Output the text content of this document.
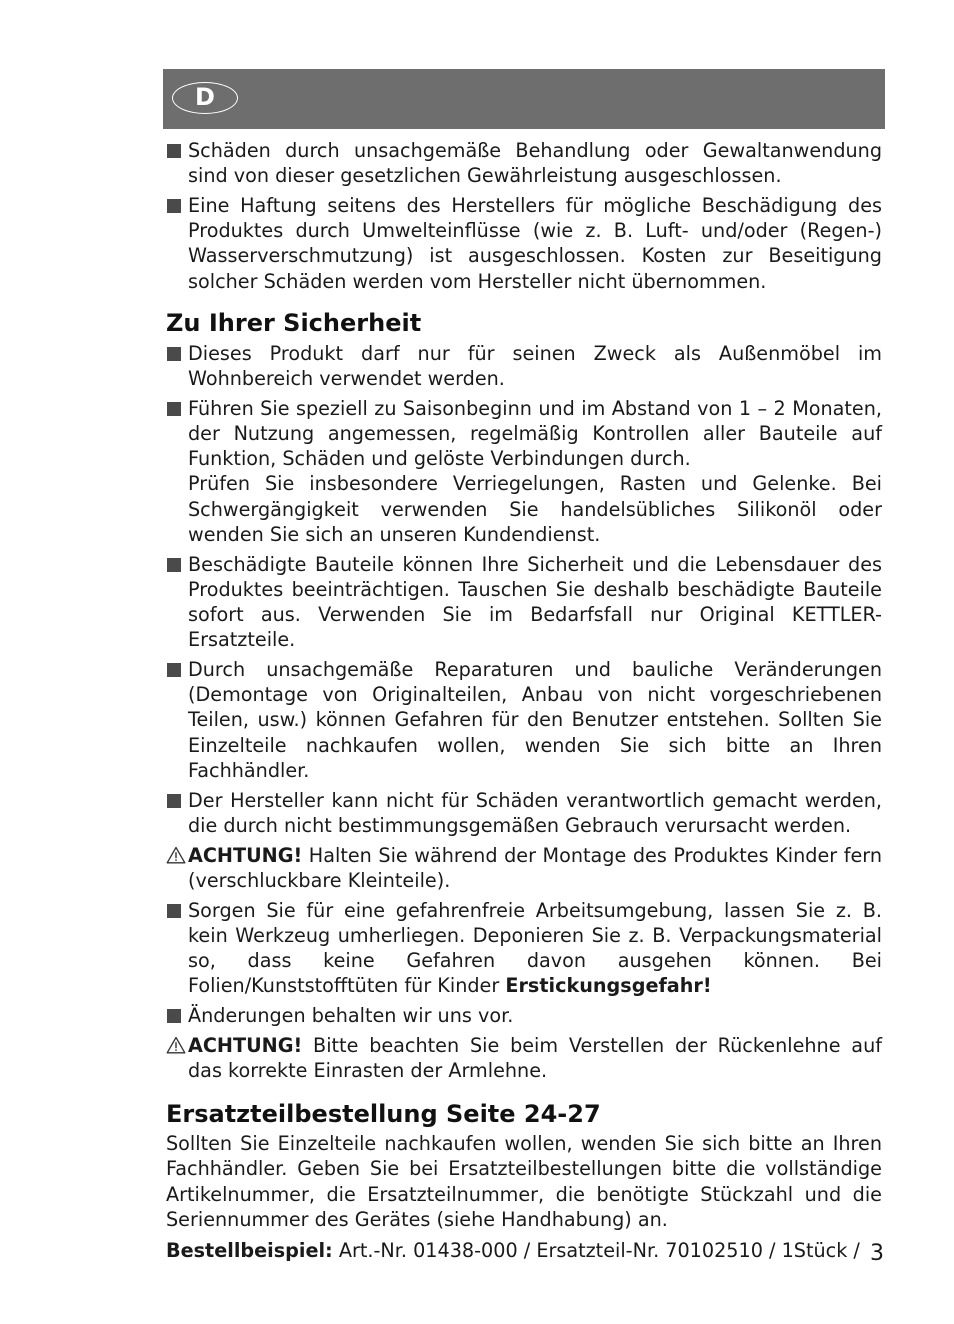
D

Schäden durch unsachgemäße Behandlung oder Gewaltanwendung sind von dieser gesetzlichen Gewährleistung ausgeschlossen.

Eine Haftung seitens des Herstellers für mögliche Beschädigung des Produktes durch Umwelteinflüsse (wie z. B. Luft- und/oder (Regen-) Wasserverschmutzung) ist ausgeschlossen. Kosten zur Beseitigung solcher Schäden werden vom Hersteller nicht übernommen.

Zu Ihrer Sicherheit

Dieses Produkt darf nur für seinen Zweck als Außenmöbel im Wohnbereich verwendet werden.

Führen Sie speziell zu Saisonbeginn und im Abstand von 1 – 2 Monaten, der Nutzung angemessen, regelmäßig Kontrollen aller Bauteile auf Funktion, Schäden und gelöste Verbindungen durch.

Prüfen Sie insbesondere Verriegelungen, Rasten und Gelenke. Bei Schwergängigkeit verwenden Sie handelsübliches Silikonöl oder wenden Sie sich an unseren Kundendienst.

Beschädigte Bauteile können Ihre Sicherheit und die Lebensdauer des Produktes beeinträchtigen. Tauschen Sie deshalb beschädigte Bauteile sofort aus. Verwenden Sie im Bedarfsfall nur Original KETTLER-Ersatzteile.

Durch unsachgemäße Reparaturen und bauliche Veränderungen (Demontage von Originalteilen, Anbau von nicht vorgeschriebenen Teilen, usw.) können Gefahren für den Benutzer entstehen. Sollten Sie Einzelteile nachkaufen wollen, wenden Sie sich bitte an Ihren Fachhändler.

Der Hersteller kann nicht für Schäden verantwortlich gemacht werden, die durch nicht bestimmungsgemäßen Gebrauch verursacht werden.

ACHTUNG! Halten Sie während der Montage des Produktes Kinder fern (verschluckbare Kleinteile).

Sorgen Sie für eine gefahrenfreie Arbeitsumgebung, lassen Sie z. B. kein Werkzeug umherliegen. Deponieren Sie z. B. Verpackungsmaterial so, dass keine Gefahren davon ausgehen können. Bei Folien/Kunststofftüten für Kinder Erstickungsgefahr!

Änderungen behalten wir uns vor.

ACHTUNG! Bitte beachten Sie beim Verstellen der Rückenlehne auf das korrekte Einrasten der Armlehne.

Ersatzteilbestellung Seite 24-27

Sollten Sie Einzelteile nachkaufen wollen, wenden Sie sich bitte an Ihren Fachhändler. Geben Sie bei Ersatzteilbestellungen bitte die vollständige Artikelnummer, die Ersatzteilnummer, die benötigte Stückzahl und die Seriennummer des Gerätes (siehe Handhabung) an.

Bestellbeispiel: Art.-Nr. 01438-000 / Ersatzteil-Nr. 70102510 / 1Stück / 3
